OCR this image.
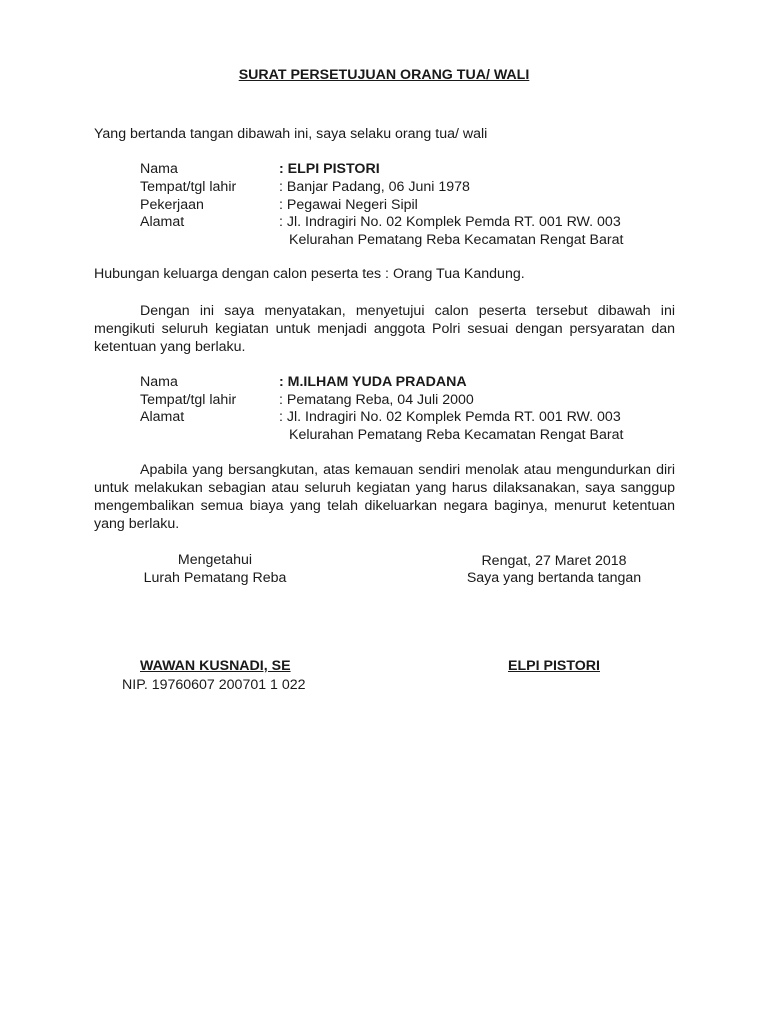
SURAT PERSETUJUAN ORANG TUA/ WALI
Yang bertanda tangan dibawah ini, saya selaku orang tua/ wali
Nama	: ELPI PISTORI
Tempat/tgl lahir	: Banjar Padang, 06 Juni 1978
Pekerjaan	: Pegawai Negeri Sipil
Alamat	: Jl. Indragiri No. 02 Komplek Pemda RT. 001 RW. 003
Kelurahan Pematang Reba Kecamatan Rengat Barat
Hubungan keluarga dengan calon peserta tes : Orang Tua Kandung.
Dengan ini saya menyatakan, menyetujui calon peserta tersebut dibawah ini mengikuti seluruh kegiatan untuk menjadi anggota Polri sesuai dengan persyaratan dan ketentuan yang berlaku.
Nama	: M.ILHAM YUDA PRADANA
Tempat/tgl lahir	: Pematang Reba, 04 Juli 2000
Alamat	: Jl. Indragiri No. 02 Komplek Pemda RT. 001 RW. 003
Kelurahan Pematang Reba Kecamatan Rengat Barat
Apabila yang bersangkutan, atas kemauan sendiri menolak atau mengundurkan diri untuk melakukan sebagian atau seluruh kegiatan yang harus dilaksanakan, saya sanggup mengembalikan semua biaya yang telah dikeluarkan negara baginya, menurut ketentuan yang berlaku.
Mengetahui
Lurah Pematang Reba
Rengat, 27 Maret 2018
Saya yang bertanda tangan
WAWAN KUSNADI, SE
NIP. 19760607 200701 1 022
ELPI PISTORI
